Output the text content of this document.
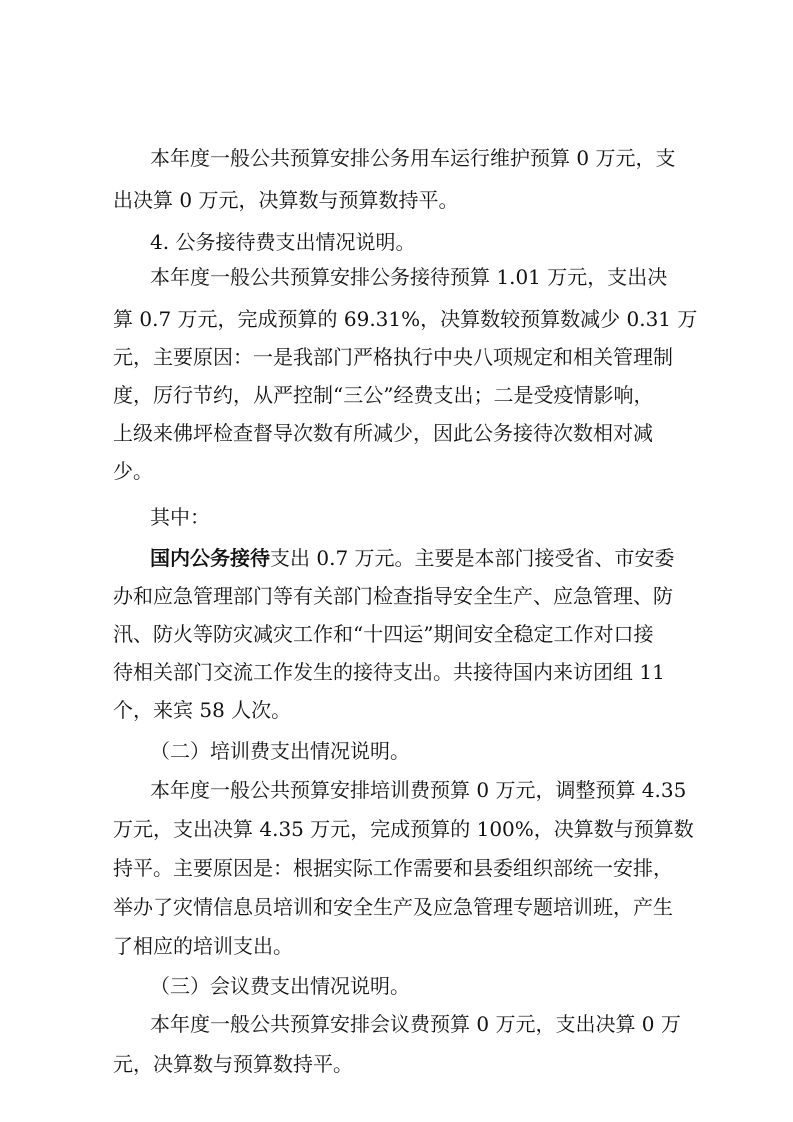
本年度一般公共预算安排公务用车运行维护预算 0 万元，支
出决算 0 万元，决算数与预算数持平。
4. 公务接待费支出情况说明。
本年度一般公共预算安排公务接待预算 1.01 万元，支出决
算 0.7 万元，完成预算的 69.31%，决算数较预算数减少 0.31 万
元，主要原因：一是我部门严格执行中央八项规定和相关管理制
度，厉行节约，从严控制“三公”经费支出；二是受疫情影响，
上级来佛坪检查督导次数有所减少，因此公务接待次数相对减
少。
其中：
国内公务接待支出 0.7 万元。主要是本部门接受省、市安委
办和应急管理部门等有关部门检查指导安全生产、应急管理、防
汛、防火等防灾减灾工作和“十四运”期间安全稳定工作对口接
待相关部门交流工作发生的接待支出。共接待国内来访团组 11
个，来宾 58 人次。
（二）培训费支出情况说明。
本年度一般公共预算安排培训费预算 0 万元，调整预算 4.35
万元，支出决算 4.35 万元，完成预算的 100%，决算数与预算数
持平。主要原因是：根据实际工作需要和县委组织部统一安排，
举办了灾情信息员培训和安全生产及应急管理专题培训班，产生
了相应的培训支出。
（三）会议费支出情况说明。
本年度一般公共预算安排会议费预算 0 万元，支出决算 0 万
元，决算数与预算数持平。
